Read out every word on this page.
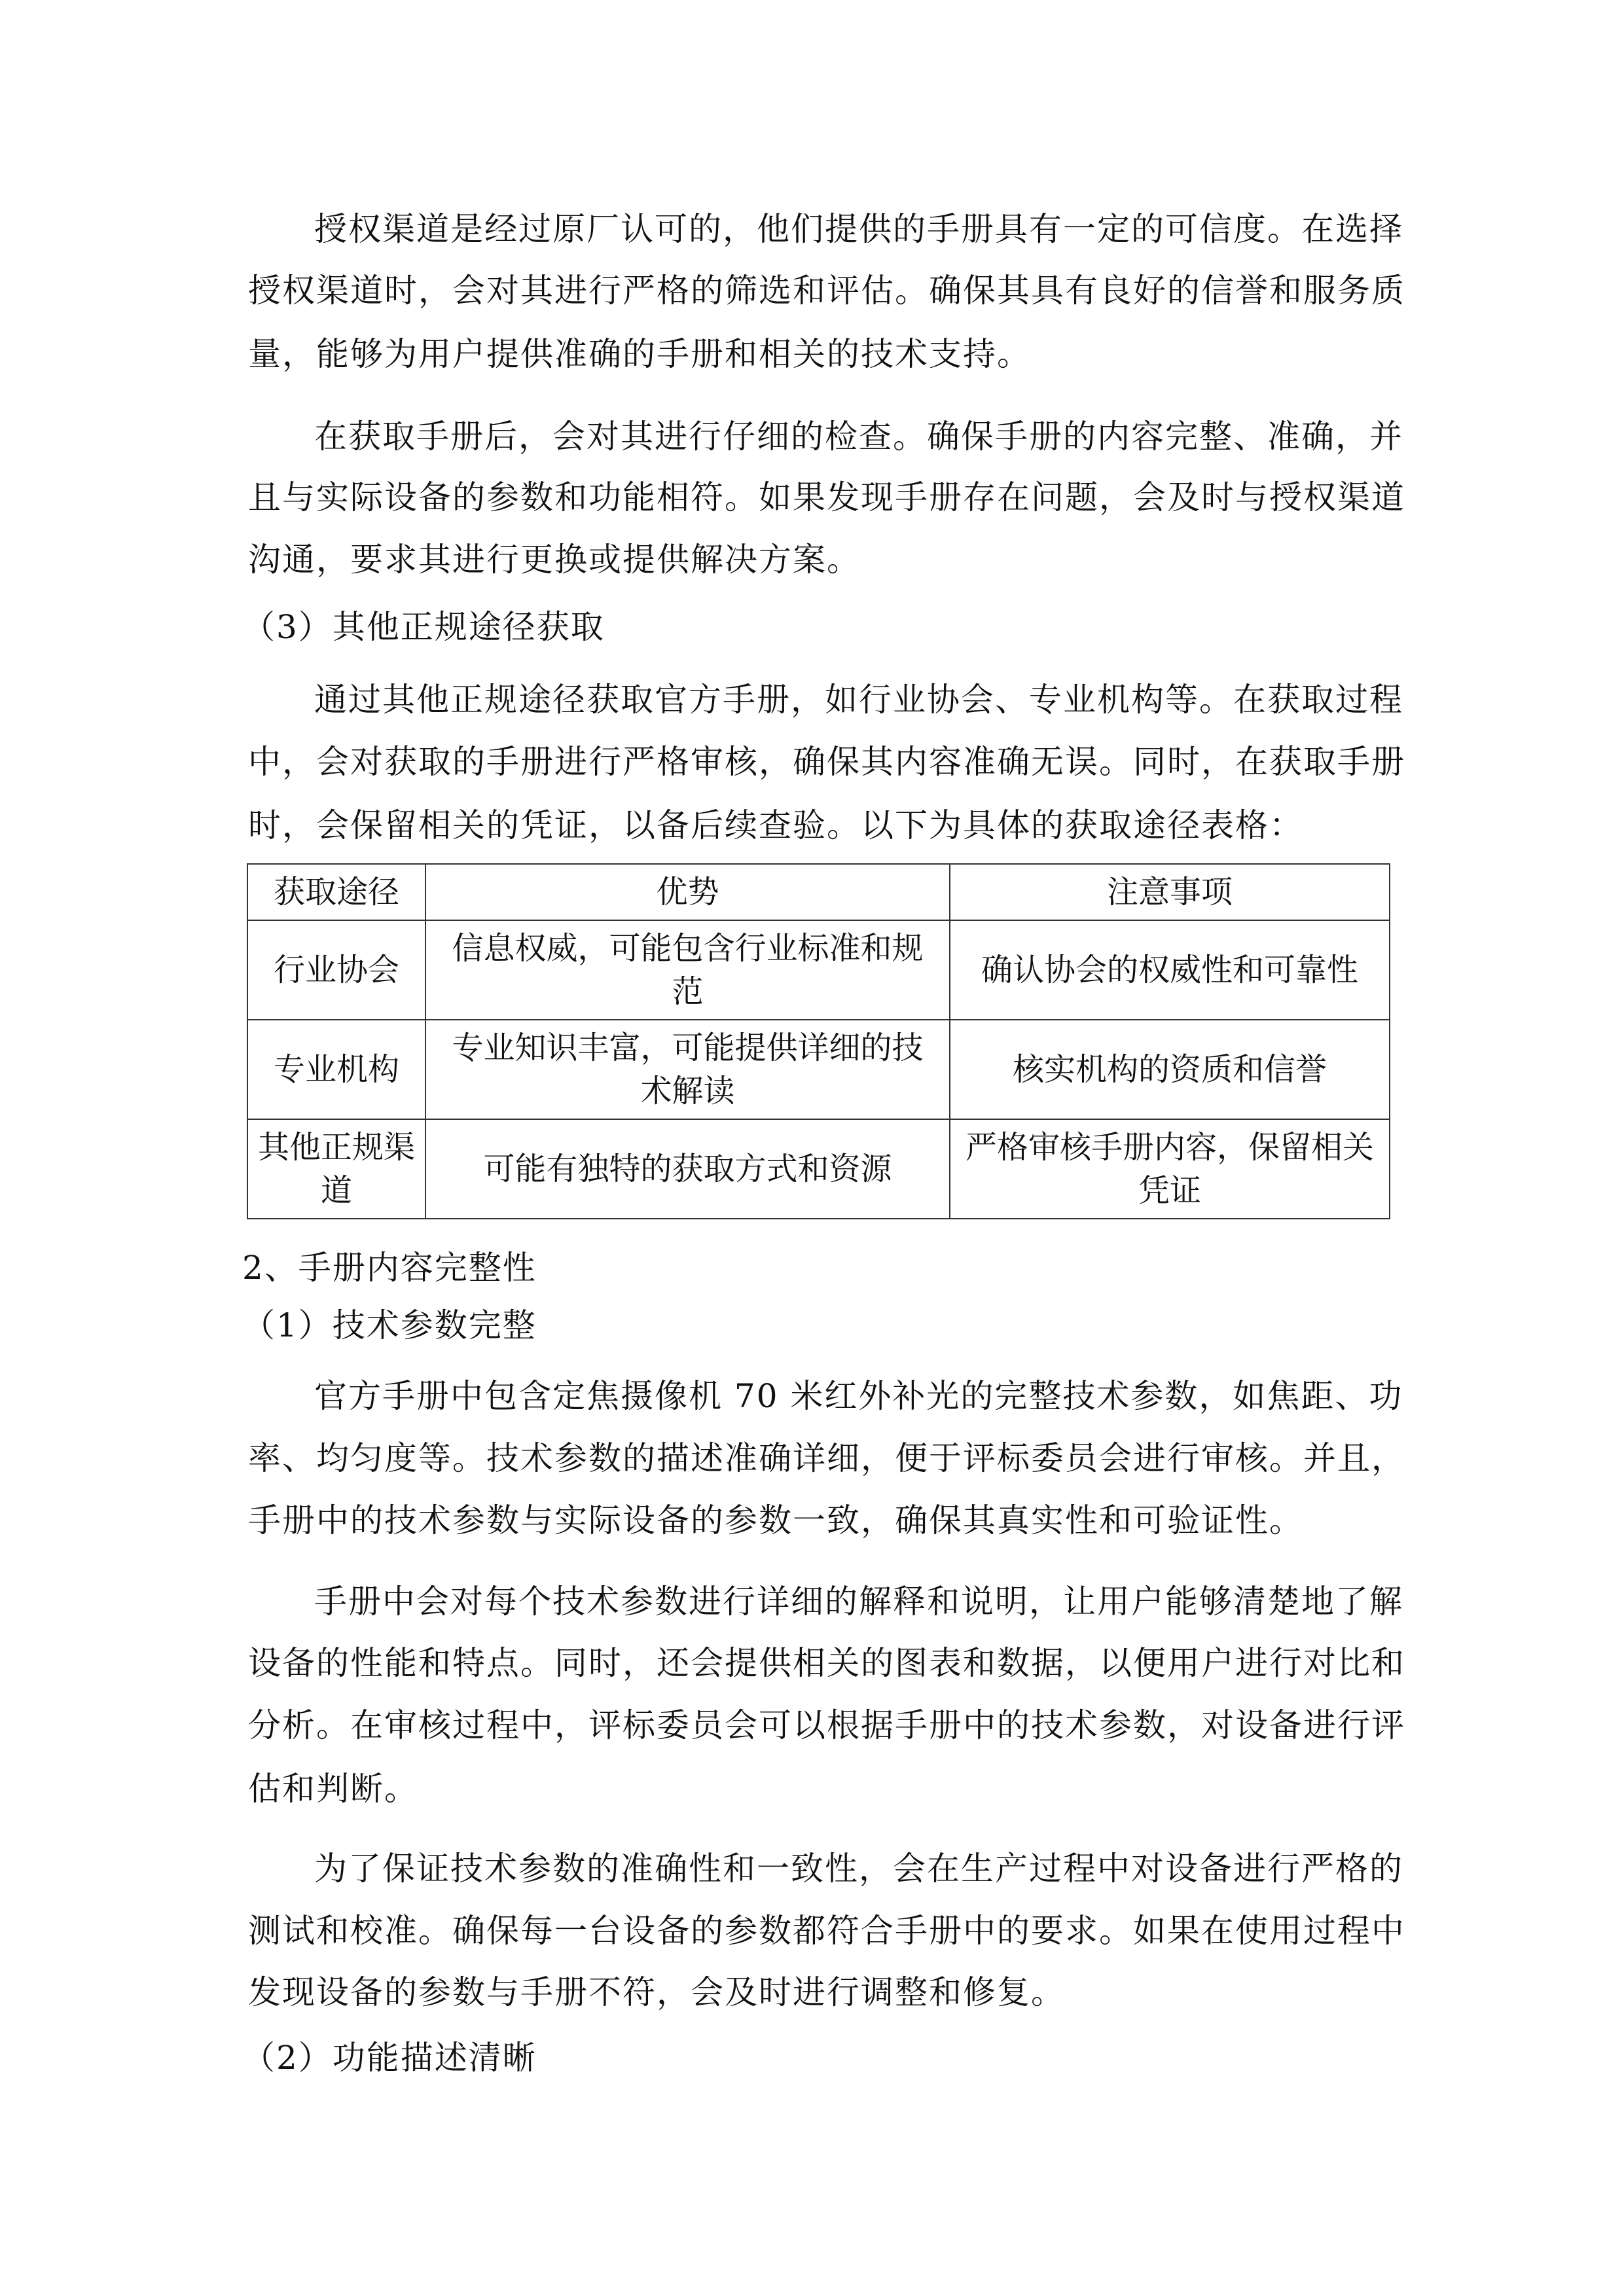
授权渠道是经过原厂认可的，他们提供的手册具有一定的可信度。在选择
授权渠道时，会对其进行严格的筛选和评估。确保其具有良好的信誉和服务质
量，能够为用户提供准确的手册和相关的技术支持。
在获取手册后，会对其进行仔细的检查。确保手册的内容完整、准确，并
且与实际设备的参数和功能相符。如果发现手册存在问题，会及时与授权渠道
沟通，要求其进行更换或提供解决方案。
（3）其他正规途径获取
通过其他正规途径获取官方手册，如行业协会、专业机构等。在获取过程
中，会对获取的手册进行严格审核，确保其内容准确无误。同时，在获取手册
时，会保留相关的凭证，以备后续查验。以下为具体的获取途径表格：
获取途径	优势	注意事项
行业协会	信息权威，可能包含行业标准和规范	确认协会的权威性和可靠性
专业机构	专业知识丰富，可能提供详细的技术解读	核实机构的资质和信誉
其他正规渠道	可能有独特的获取方式和资源	严格审核手册内容，保留相关凭证
2、手册内容完整性
（1）技术参数完整
官方手册中包含定焦摄像机 70 米红外补光的完整技术参数，如焦距、功
率、均匀度等。技术参数的描述准确详细，便于评标委员会进行审核。并且，
手册中的技术参数与实际设备的参数一致，确保其真实性和可验证性。
手册中会对每个技术参数进行详细的解释和说明，让用户能够清楚地了解
设备的性能和特点。同时，还会提供相关的图表和数据，以便用户进行对比和
分析。在审核过程中，评标委员会可以根据手册中的技术参数，对设备进行评
估和判断。
为了保证技术参数的准确性和一致性，会在生产过程中对设备进行严格的
测试和校准。确保每一台设备的参数都符合手册中的要求。如果在使用过程中
发现设备的参数与手册不符，会及时进行调整和修复。
（2）功能描述清晰
